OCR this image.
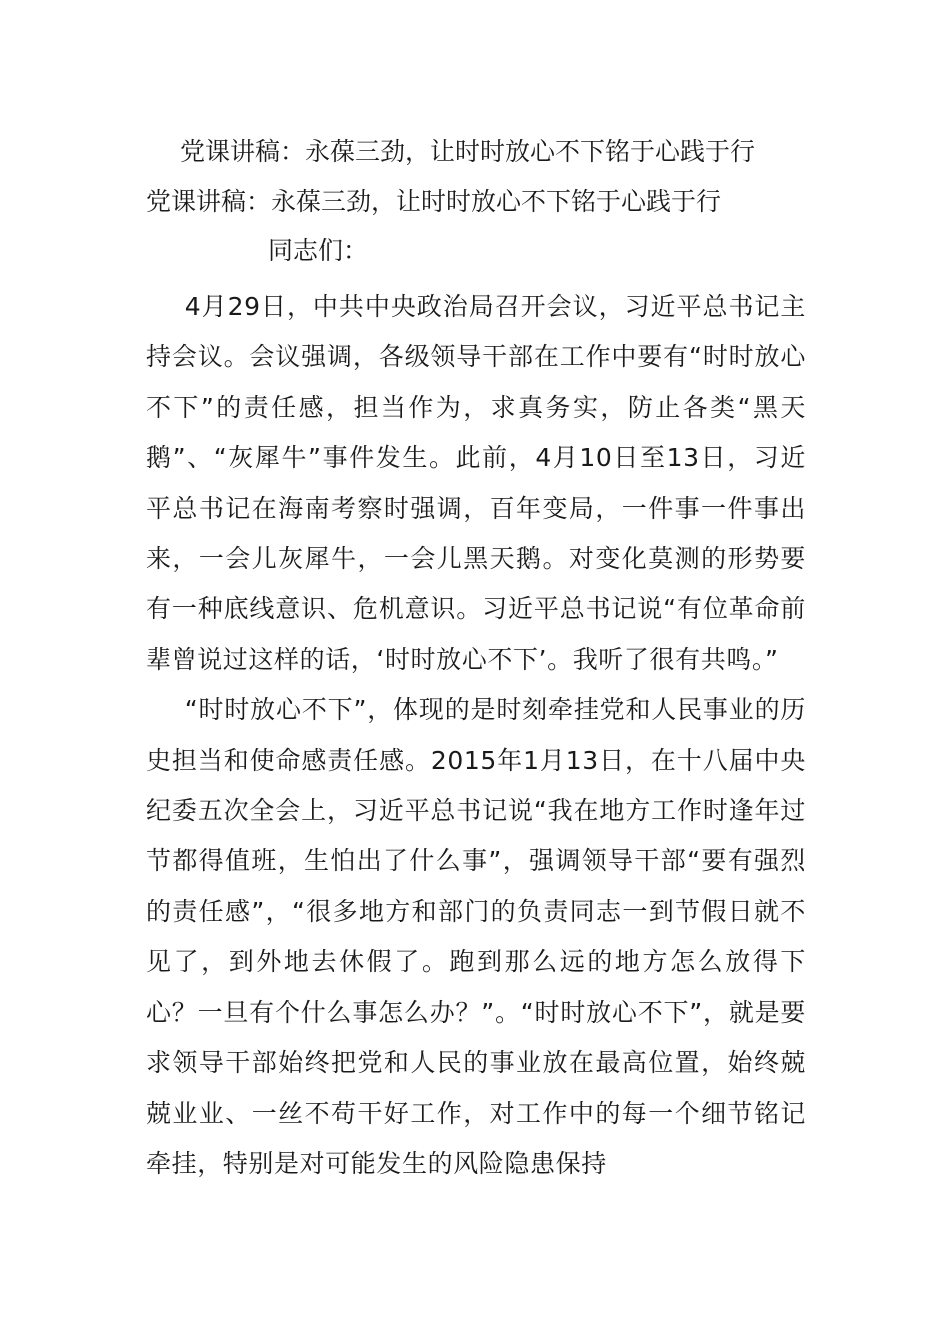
党课讲稿：永葆三劲，让时时放心不下铭于心践于行
党课讲稿：永葆三劲，让时时放心不下铭于心践于行
同志们：

4月29日，中共中央政治局召开会议，习近平总书记主持会议。会议强调，各级领导干部在工作中要有“时时放心不下”的责任感，担当作为，求真务实，防止各类“黑天鹅”、“灰犀牛”事件发生。此前，4月10日至13日，习近平总书记在海南考察时强调，百年变局，一件事一件事出来，一会儿灰犀牛，一会儿黑天鹅。对变化莫测的形势要有一种底线意识、危机意识。习近平总书记说“有位革命前辈曾说过这样的话，‘时时放心不下’。我听了很有共鸣。”

“时时放心不下”，体现的是时刻牵挂党和人民事业的历史担当和使命感责任感。2015年1月13日，在十八届中央纪委五次全会上，习近平总书记说“我在地方工作时逢年过节都得值班，生怕出了什么事”，强调领导干部“要有强烈的责任感”，“很多地方和部门的负责同志一到节假日就不见了，到外地去休假了。跑到那么远的地方怎么放得下心？一旦有个什么事怎么办？”。“时时放心不下”，就是要求领导干部始终把党和人民的事业放在最高位置，始终兢兢业业、一丝不苟干好工作，对工作中的每一个细节铭记牵挂，特别是对可能发生的风险隐患保持
